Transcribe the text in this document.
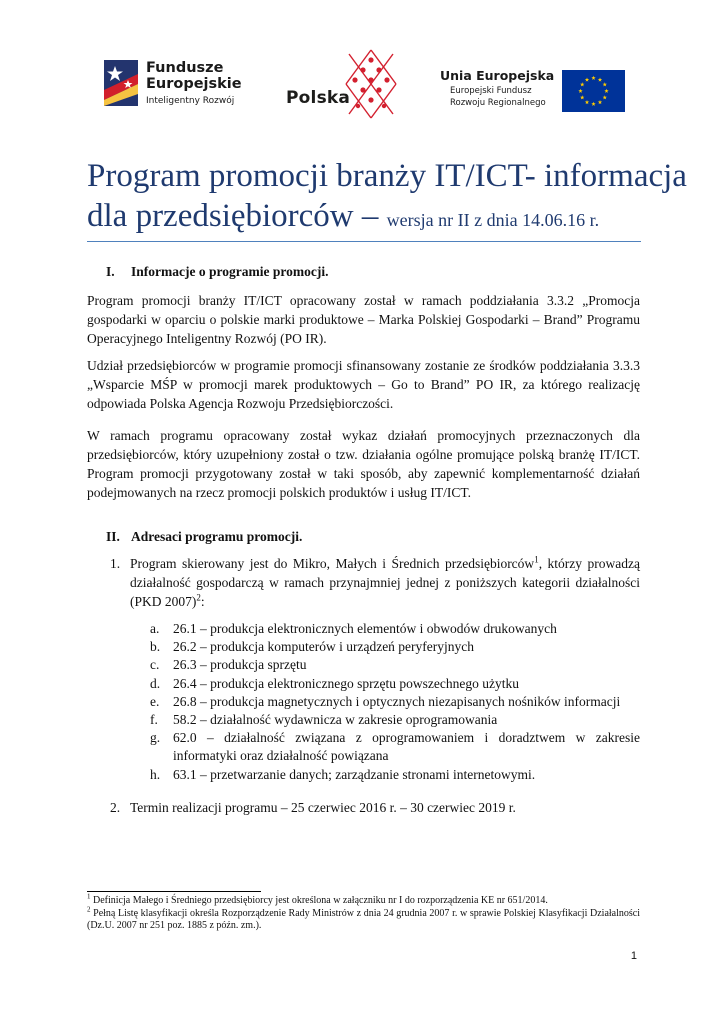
Fundusze
Europejskie
Inteligentny Rozwój	Polska
Unia Europejska
Europejski Fundusz
Rozwoju Regionalnego
Program promocji branży IT/ICT- informacja
dla przedsiębiorców – wersja nr II z dnia 14.06.16 r.
I. Informacje o programie promocji.
Program promocji branży IT/ICT opracowany został w ramach poddziałania 3.3.2 „Promocja gospodarki w oparciu o polskie marki produktowe – Marka Polskiej Gospodarki – Brand” Programu Operacyjnego Inteligentny Rozwój (PO IR).
Udział przedsiębiorców w programie promocji sfinansowany zostanie ze środków poddziałania 3.3.3 „Wsparcie MŚP w promocji marek produktowych – Go to Brand” PO IR, za którego realizację odpowiada Polska Agencja Rozwoju Przedsiębiorczości.
W ramach programu opracowany został wykaz działań promocyjnych przeznaczonych dla przedsiębiorców, który uzupełniony został o tzw. działania ogólne promujące polską branżę IT/ICT. Program promocji przygotowany został w taki sposób, aby zapewnić komplementarność działań podejmowanych na rzecz promocji polskich produktów i usług IT/ICT.
II. Adresaci programu promocji.
1. Program skierowany jest do Mikro, Małych i Średnich przedsiębiorców$^1$, którzy prowadzą działalność gospodarczą w ramach przynajmniej jednej z poniższych kategorii działalności (PKD 2007)$^2$:
a. 26.1 – produkcja elektronicznych elementów i obwodów drukowanych
b. 26.2 – produkcja komputerów i urządzeń peryferyjnych
c. 26.3 – produkcja sprzętu
d. 26.4 – produkcja elektronicznego sprzętu powszechnego użytku
e. 26.8 – produkcja magnetycznych i optycznych niezapisanych nośników informacji
f. 58.2 – działalność wydawnicza w zakresie oprogramowania
g. 62.0 – działalność związana z oprogramowaniem i doradztwem w zakresie informatyki oraz działalność powiązana
h. 63.1 – przetwarzanie danych; zarządzanie stronami internetowymi.
2. Termin realizacji programu – 25 czerwiec 2016 r. – 30 czerwiec 2019 r.
$^1$ Definicja Małego i Średniego przedsiębiorcy jest określona w załączniku nr I do rozporządzenia KE nr 651/2014.
$^2$ Pełną Listę klasyfikacji określa Rozporządzenie Rady Ministrów z dnia 24 grudnia 2007 r. w sprawie Polskiej Klasyfikacji Działalności (Dz.U. 2007 nr 251 poz. 1885 z późn. zm.).
1
